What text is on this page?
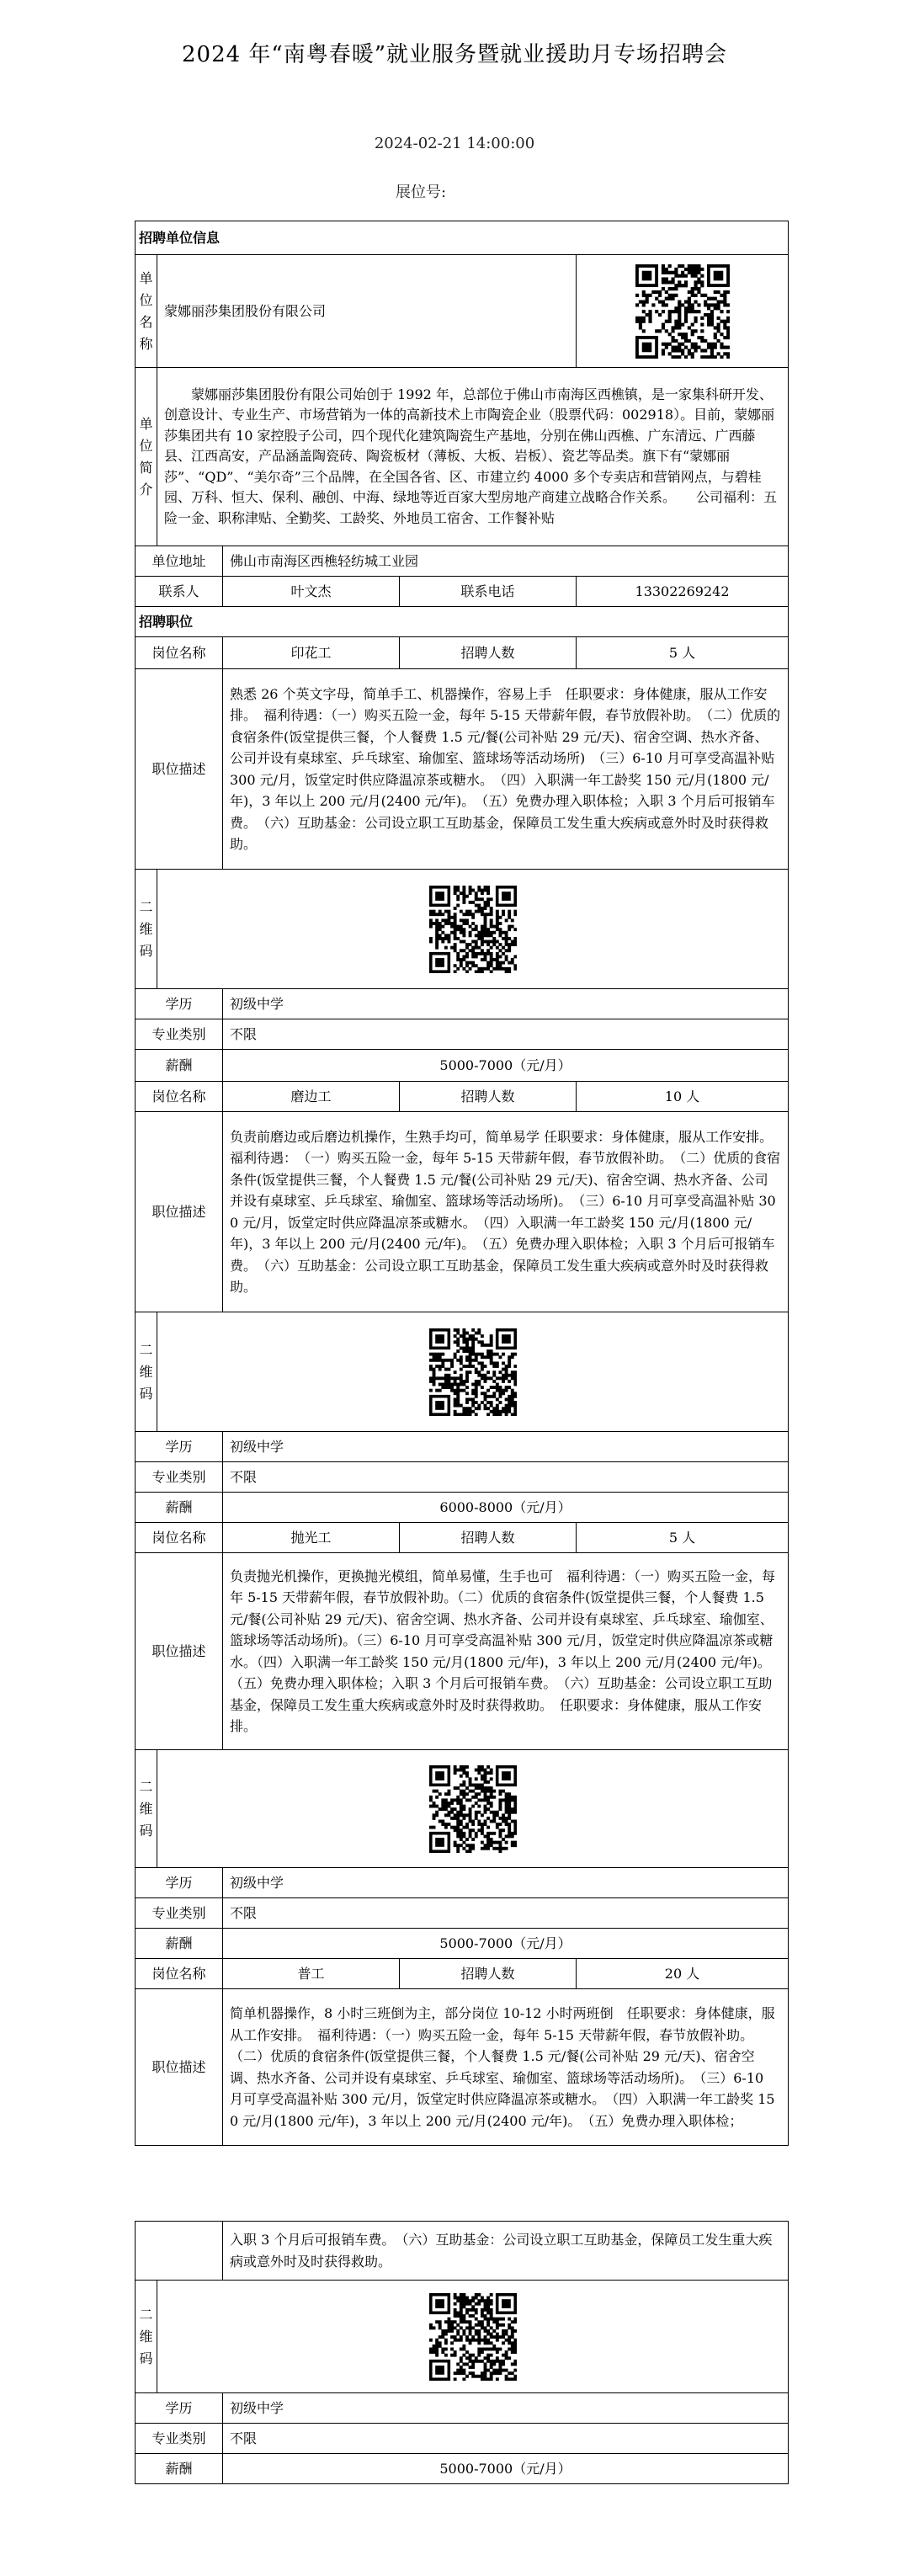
2024 年“南粤春暖”就业服务暨就业援助月专场招聘会
2024-02-21 14:00:00
展位号:
招聘单位信息				
单位名称	蒙娜丽莎集团股份有限公司	

单位简介	蒙娜丽莎集团股份有限公司始创于 1992 年，总部位于佛山市南海区西樵镇，是一家集科研开发、创意设计、专业生产、市场营销为一体的高新技术上市陶瓷企业（股票代码：002918）。目前，蒙娜丽莎集团共有 10 家控股子公司，四个现代化建筑陶瓷生产基地，分别在佛山西樵、广东清远、广西藤县、江西高安，产品涵盖陶瓷砖、陶瓷板材（薄板、大板、岩板）、瓷艺等品类。旗下有“蒙娜丽莎”、“QD”、“美尔奇”三个品牌，在全国各省、区、市建立约 4000 多个专卖店和营销网点，与碧桂园、万科、恒大、保利、融创、中海、绿地等近百家大型房地产商建立战略合作关系。　　公司福利：五险一金、职称津贴、全勤奖、工龄奖、外地员工宿舍、工作餐补贴			
单位地址		佛山市南海区西樵轻纺城工业园		
联系人		叶文杰	联系电话	13302269242
招聘职位				
岗位名称		印花工	招聘人数	5 人
职位描述		熟悉 26 个英文字母，简单手工、机器操作，容易上手　任职要求：身体健康，服从工作安排。　福利待遇：（一）购买五险一金，每年 5-15 天带薪年假，春节放假补助。　（二）优质的食宿条件(饭堂提供三餐，个人餐费 1.5 元/餐(公司补贴 29 元/天)、宿舍空调、热水齐备、公司并设有桌球室、乒乓球室、瑜伽室、篮球场等活动场所)　（三）6-10 月可享受高温补贴 300 元/月，饭堂定时供应降温凉茶或糖水。　（四）入职满一年工龄奖 150 元/月(1800 元/年)，3 年以上 200 元/月(2400 元/年)。　（五）免费办理入职体检；入职 3 个月后可报销车费。　（六）互助基金：公司设立职工互助基金，保障员工发生重大疾病或意外时及时获得救助。		
二维码	

学历		初级中学		
专业类别		不限		
薪酬		5000-7000（元/月）		
岗位名称		磨边工	招聘人数	10 人
职位描述		负责前磨边或后磨边机操作，生熟手均可，简单易学 任职要求：身体健康，服从工作安排。　福利待遇：　（一）购买五险一金，每年 5-15 天带薪年假，春节放假补助。　（二）优质的食宿条件(饭堂提供三餐，个人餐费 1.5 元/餐(公司补贴 29 元/天)、宿舍空调、热水齐备、公司并设有桌球室、乒乓球室、瑜伽室、篮球场等活动场所)。　（三）6-10 月可享受高温补贴 300 元/月，饭堂定时供应降温凉茶或糖水。　（四）入职满一年工龄奖 150 元/月(1800 元/年)，3 年以上 200 元/月(2400 元/年)。　（五）免费办理入职体检；入职 3 个月后可报销车费。　（六）互助基金：公司设立职工互助基金，保障员工发生重大疾病或意外时及时获得救助。		
二维码	

学历		初级中学		
专业类别		不限		
薪酬		6000-8000（元/月）		
岗位名称		抛光工	招聘人数	5 人
职位描述		负责抛光机操作，更换抛光模组，简单易懂，生手也可　福利待遇：（一）购买五险一金，每年 5-15 天带薪年假，春节放假补助。（二）优质的食宿条件(饭堂提供三餐，个人餐费 1.5 元/餐(公司补贴 29 元/天)、宿舍空调、热水齐备、公司并设有桌球室、乒乓球室、瑜伽室、篮球场等活动场所)。（三）6-10 月可享受高温补贴 300 元/月，饭堂定时供应降温凉茶或糖水。（四）入职满一年工龄奖 150 元/月(1800 元/年)，3 年以上 200 元/月(2400 元/年)。　（五）免费办理入职体检；入职 3 个月后可报销车费。　（六）互助基金：公司设立职工互助基金，保障员工发生重大疾病或意外时及时获得救助。　任职要求：身体健康，服从工作安排。		
二维码	

学历		初级中学		
专业类别		不限		
薪酬		5000-7000（元/月）		
岗位名称		普工	招聘人数	20 人
职位描述		简单机器操作，8 小时三班倒为主，部分岗位 10-12 小时两班倒　任职要求：身体健康，服从工作安排。　福利待遇：（一）购买五险一金，每年 5-15 天带薪年假，春节放假补助。　（二）优质的食宿条件(饭堂提供三餐，个人餐费 1.5 元/餐(公司补贴 29 元/天)、宿舍空调、热水齐备、公司并设有桌球室、乒乓球室、瑜伽室、篮球场等活动场所)。　（三）6-10 月可享受高温补贴 300 元/月，饭堂定时供应降温凉茶或糖水。　（四）入职满一年工龄奖 150 元/月(1800 元/年)，3 年以上 200 元/月(2400 元/年)。　（五）免费办理入职体检；		
		入职 3 个月后可报销车费。　（六）互助基金：公司设立职工互助基金，保障员工发生重大疾病或意外时及时获得救助。
二维码	

学历		初级中学
专业类别		不限
薪酬		5000-7000（元/月）
